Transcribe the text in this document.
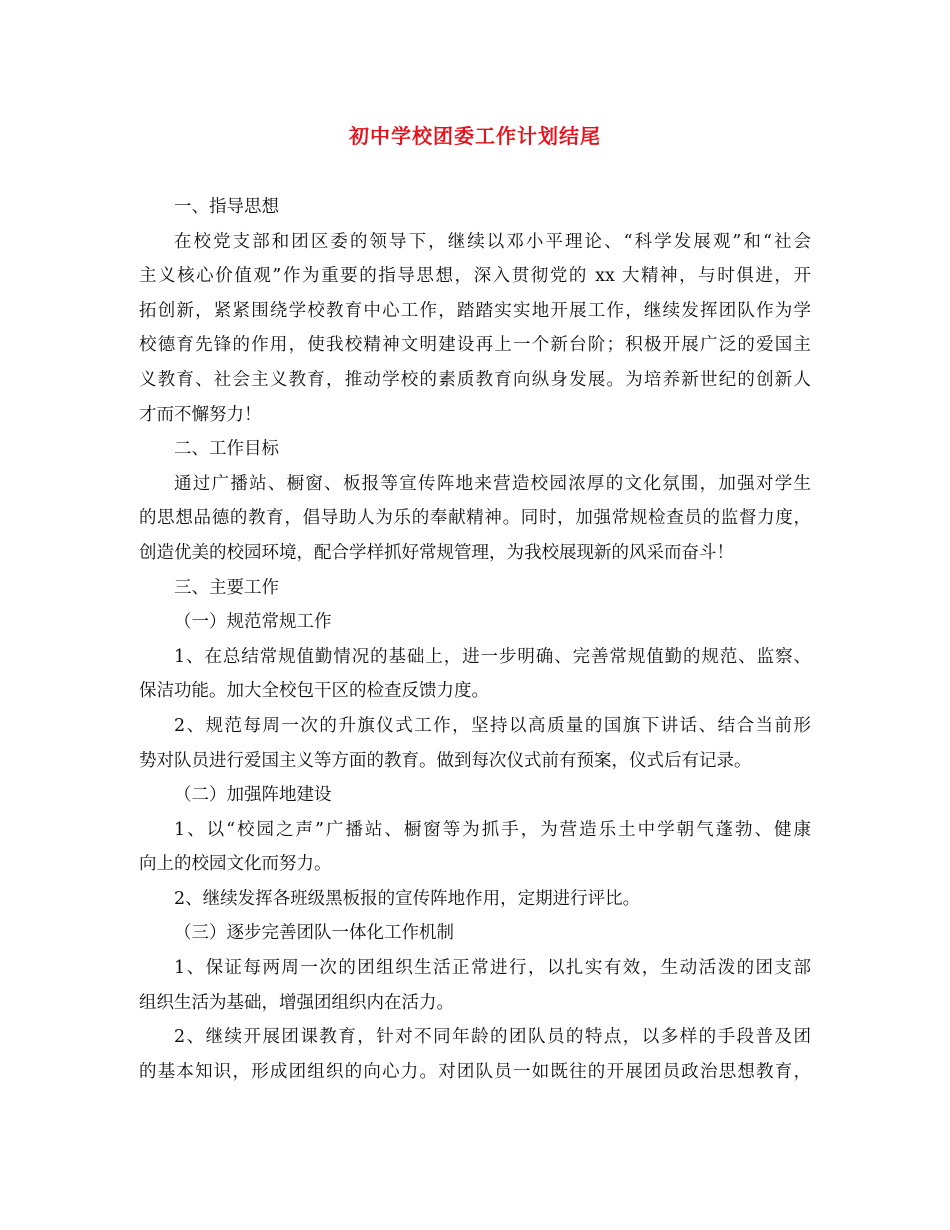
初中学校团委工作计划结尾
一、指导思想
在校党支部和团区委的领导下，继续以邓小平理论、“科学发展观”和“社会
主义核心价值观”作为重要的指导思想，深入贯彻党的 xx 大精神，与时俱进，开
拓创新，紧紧围绕学校教育中心工作，踏踏实实地开展工作，继续发挥团队作为学
校德育先锋的作用，使我校精神文明建设再上一个新台阶；积极开展广泛的爱国主
义教育、社会主义教育，推动学校的素质教育向纵身发展。为培养新世纪的创新人
才而不懈努力！
二、工作目标
通过广播站、橱窗、板报等宣传阵地来营造校园浓厚的文化氛围，加强对学生
的思想品德的教育，倡导助人为乐的奉献精神。同时，加强常规检查员的监督力度，
创造优美的校园环境，配合学样抓好常规管理，为我校展现新的风采而奋斗！
三、主要工作
（一）规范常规工作
1、在总结常规值勤情况的基础上，进一步明确、完善常规值勤的规范、监察、
保洁功能。加大全校包干区的检查反馈力度。
2、规范每周一次的升旗仪式工作，坚持以高质量的国旗下讲话、结合当前形
势对队员进行爱国主义等方面的教育。做到每次仪式前有预案，仪式后有记录。
（二）加强阵地建设
1、以“校园之声”广播站、橱窗等为抓手，为营造乐土中学朝气蓬勃、健康
向上的校园文化而努力。
2、继续发挥各班级黑板报的宣传阵地作用，定期进行评比。
（三）逐步完善团队一体化工作机制
1、保证每两周一次的团组织生活正常进行，以扎实有效，生动活泼的团支部
组织生活为基础，增强团组织内在活力。
2、继续开展团课教育，针对不同年龄的团队员的特点，以多样的手段普及团
的基本知识，形成团组织的向心力。对团队员一如既往的开展团员政治思想教育，
